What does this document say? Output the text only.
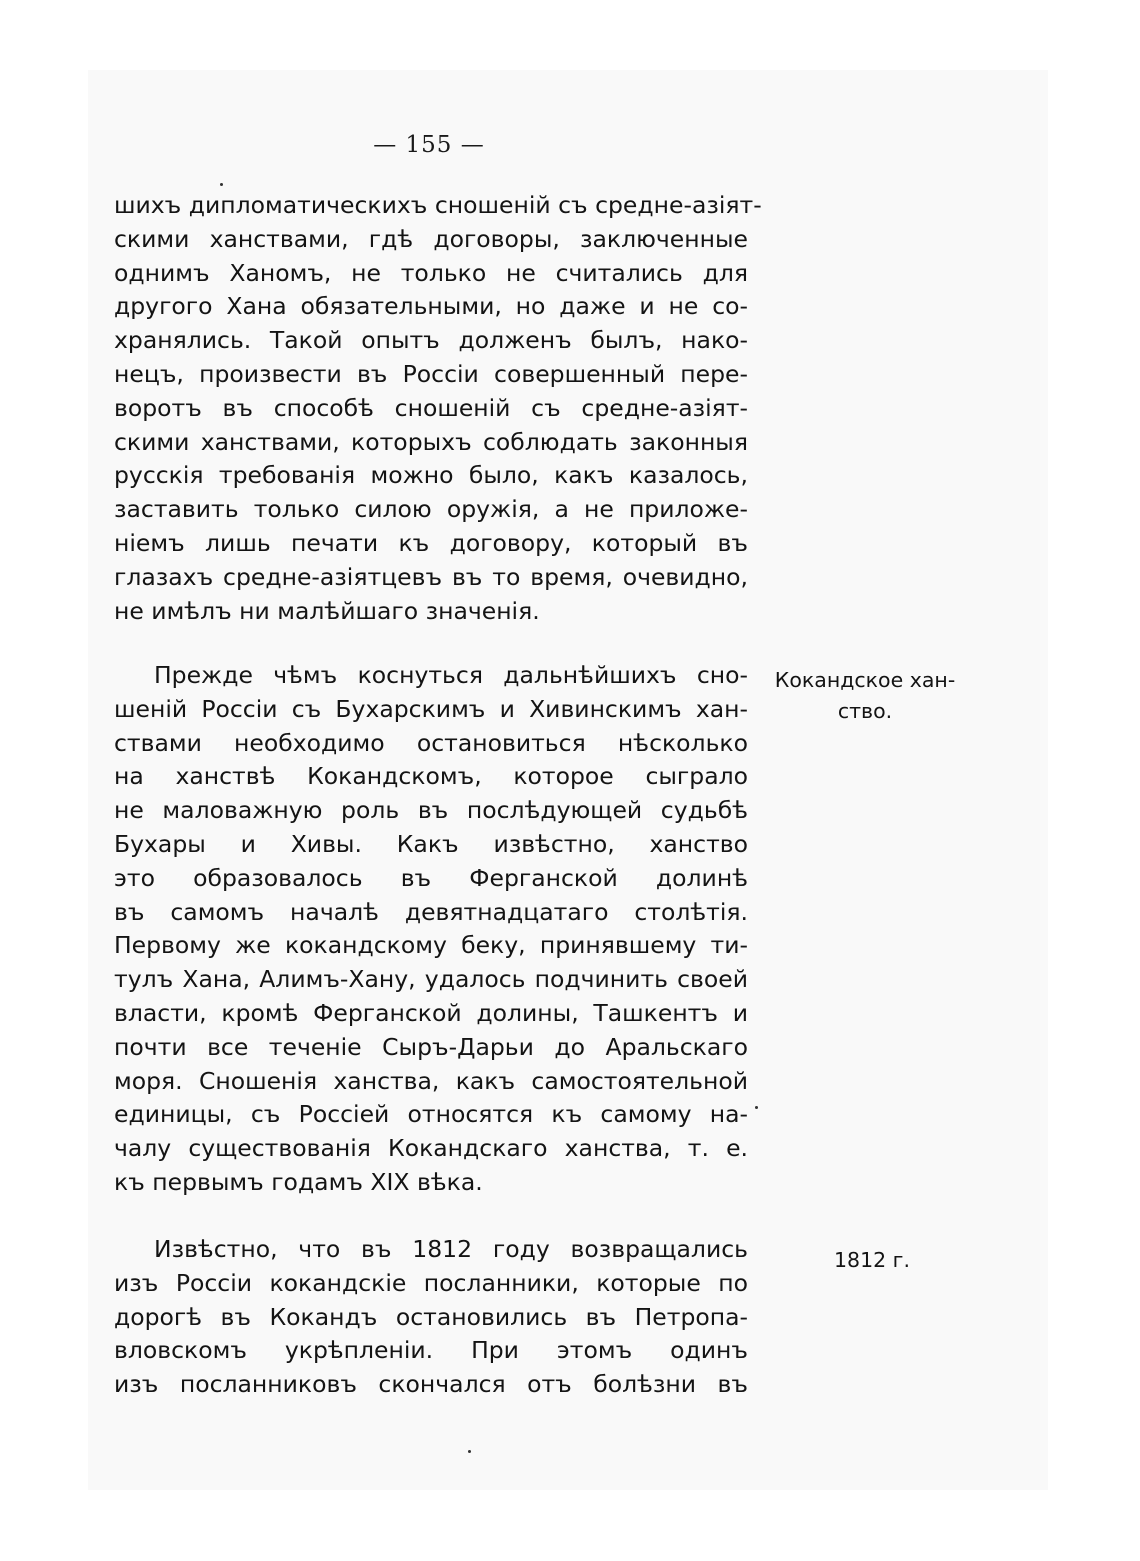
— 155 —
шихъ дипломатическихъ сношеній съ средне-азіят-
скими ханствами, гдѣ договоры, заключенные
однимъ Ханомъ, не только не считались для
другого Хана обязательными, но даже и не со-
хранялись. Такой опытъ долженъ былъ, нако-
нецъ, произвести въ Россіи совершенный пере-
воротъ въ способѣ сношеній съ средне-азіят-
скими ханствами, которыхъ соблюдать законныя
русскія требованія можно было, какъ казалось,
заставить только силою оружія, а не приложе-
ніемъ лишь печати къ договору, который въ
глазахъ средне-азіятцевъ въ то время, очевидно,
не имѣлъ ни малѣйшаго значенія.
Прежде чѣмъ коснуться дальнѣйшихъ сно-
шеній Россіи съ Бухарскимъ и Хивинскимъ хан-
ствами необходимо остановиться нѣсколько
на ханствѣ Кокандскомъ, которое сыграло
не маловажную роль въ послѣдующей судьбѣ
Бухары и Хивы. Какъ извѣстно, ханство
это образовалось въ Ферганской долинѣ
въ самомъ началѣ девятнадцатаго столѣтія.
Первому же кокандскому беку, принявшему ти-
тулъ Хана, Алимъ-Хану, удалось подчинить своей
власти, кромѣ Ферганской долины, Ташкентъ и
почти все теченіе Сыръ-Дарьи до Аральскаго
моря. Сношенія ханства, какъ самостоятельной
единицы, съ Россіей относятся къ самому на-
чалу существованія Кокандскаго ханства, т. е.
къ первымъ годамъ XIX вѣка.
Извѣстно, что въ 1812 году возвращались
изъ Россіи кокандскіе посланники, которые по
дорогѣ въ Кокандъ остановились въ Петропа-
вловскомъ укрѣпленіи. При этомъ одинъ
изъ посланниковъ скончался отъ болѣзни въ
Кокандское хан-
ство.
1812 г.
